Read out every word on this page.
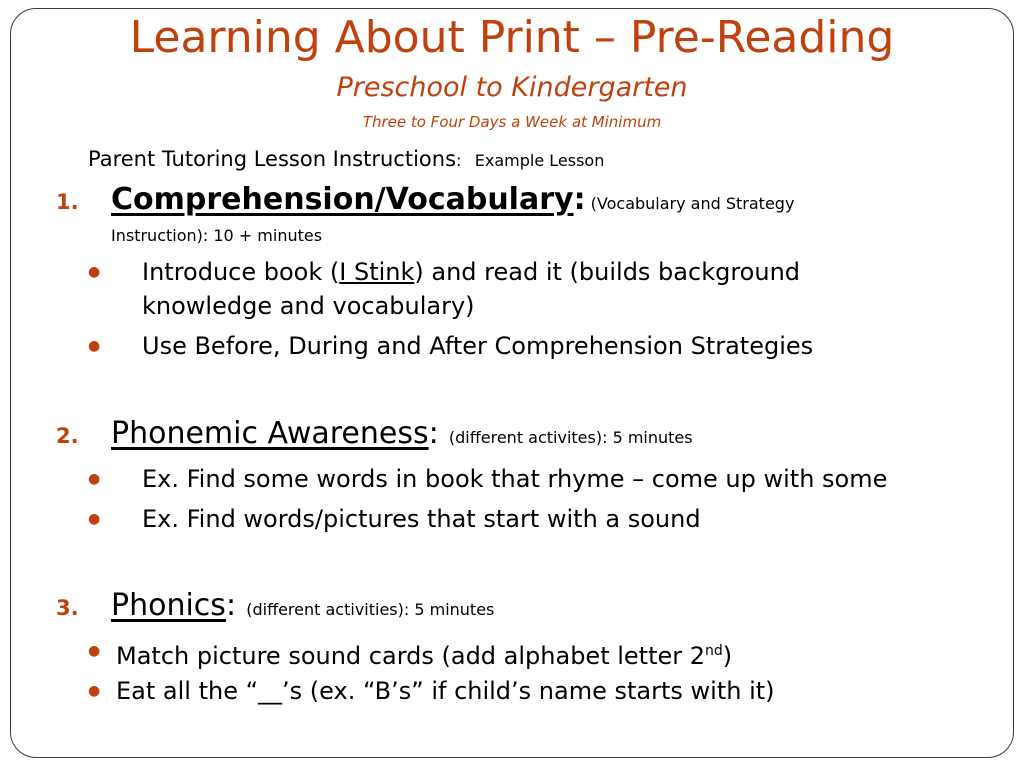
Learning About Print – Pre-Reading
Preschool to Kindergarten
Three to Four Days a Week at Minimum
Parent Tutoring Lesson Instructions: Example Lesson
1. Comprehension/Vocabulary: (Vocabulary and Strategy
Instruction): 10 + minutes
● Introduce book (I Stink) and read it (builds background
knowledge and vocabulary)
● Use Before, During and After Comprehension Strategies
2. Phonemic Awareness: (different activites): 5 minutes
● Ex. Find some words in book that rhyme – come up with some
● Ex. Find words/pictures that start with a sound
3. Phonics: (different activities): 5 minutes
● Match picture sound cards (add alphabet letter 2nd)
● Eat all the “__’s (ex. “B’s” if child’s name starts with it)
